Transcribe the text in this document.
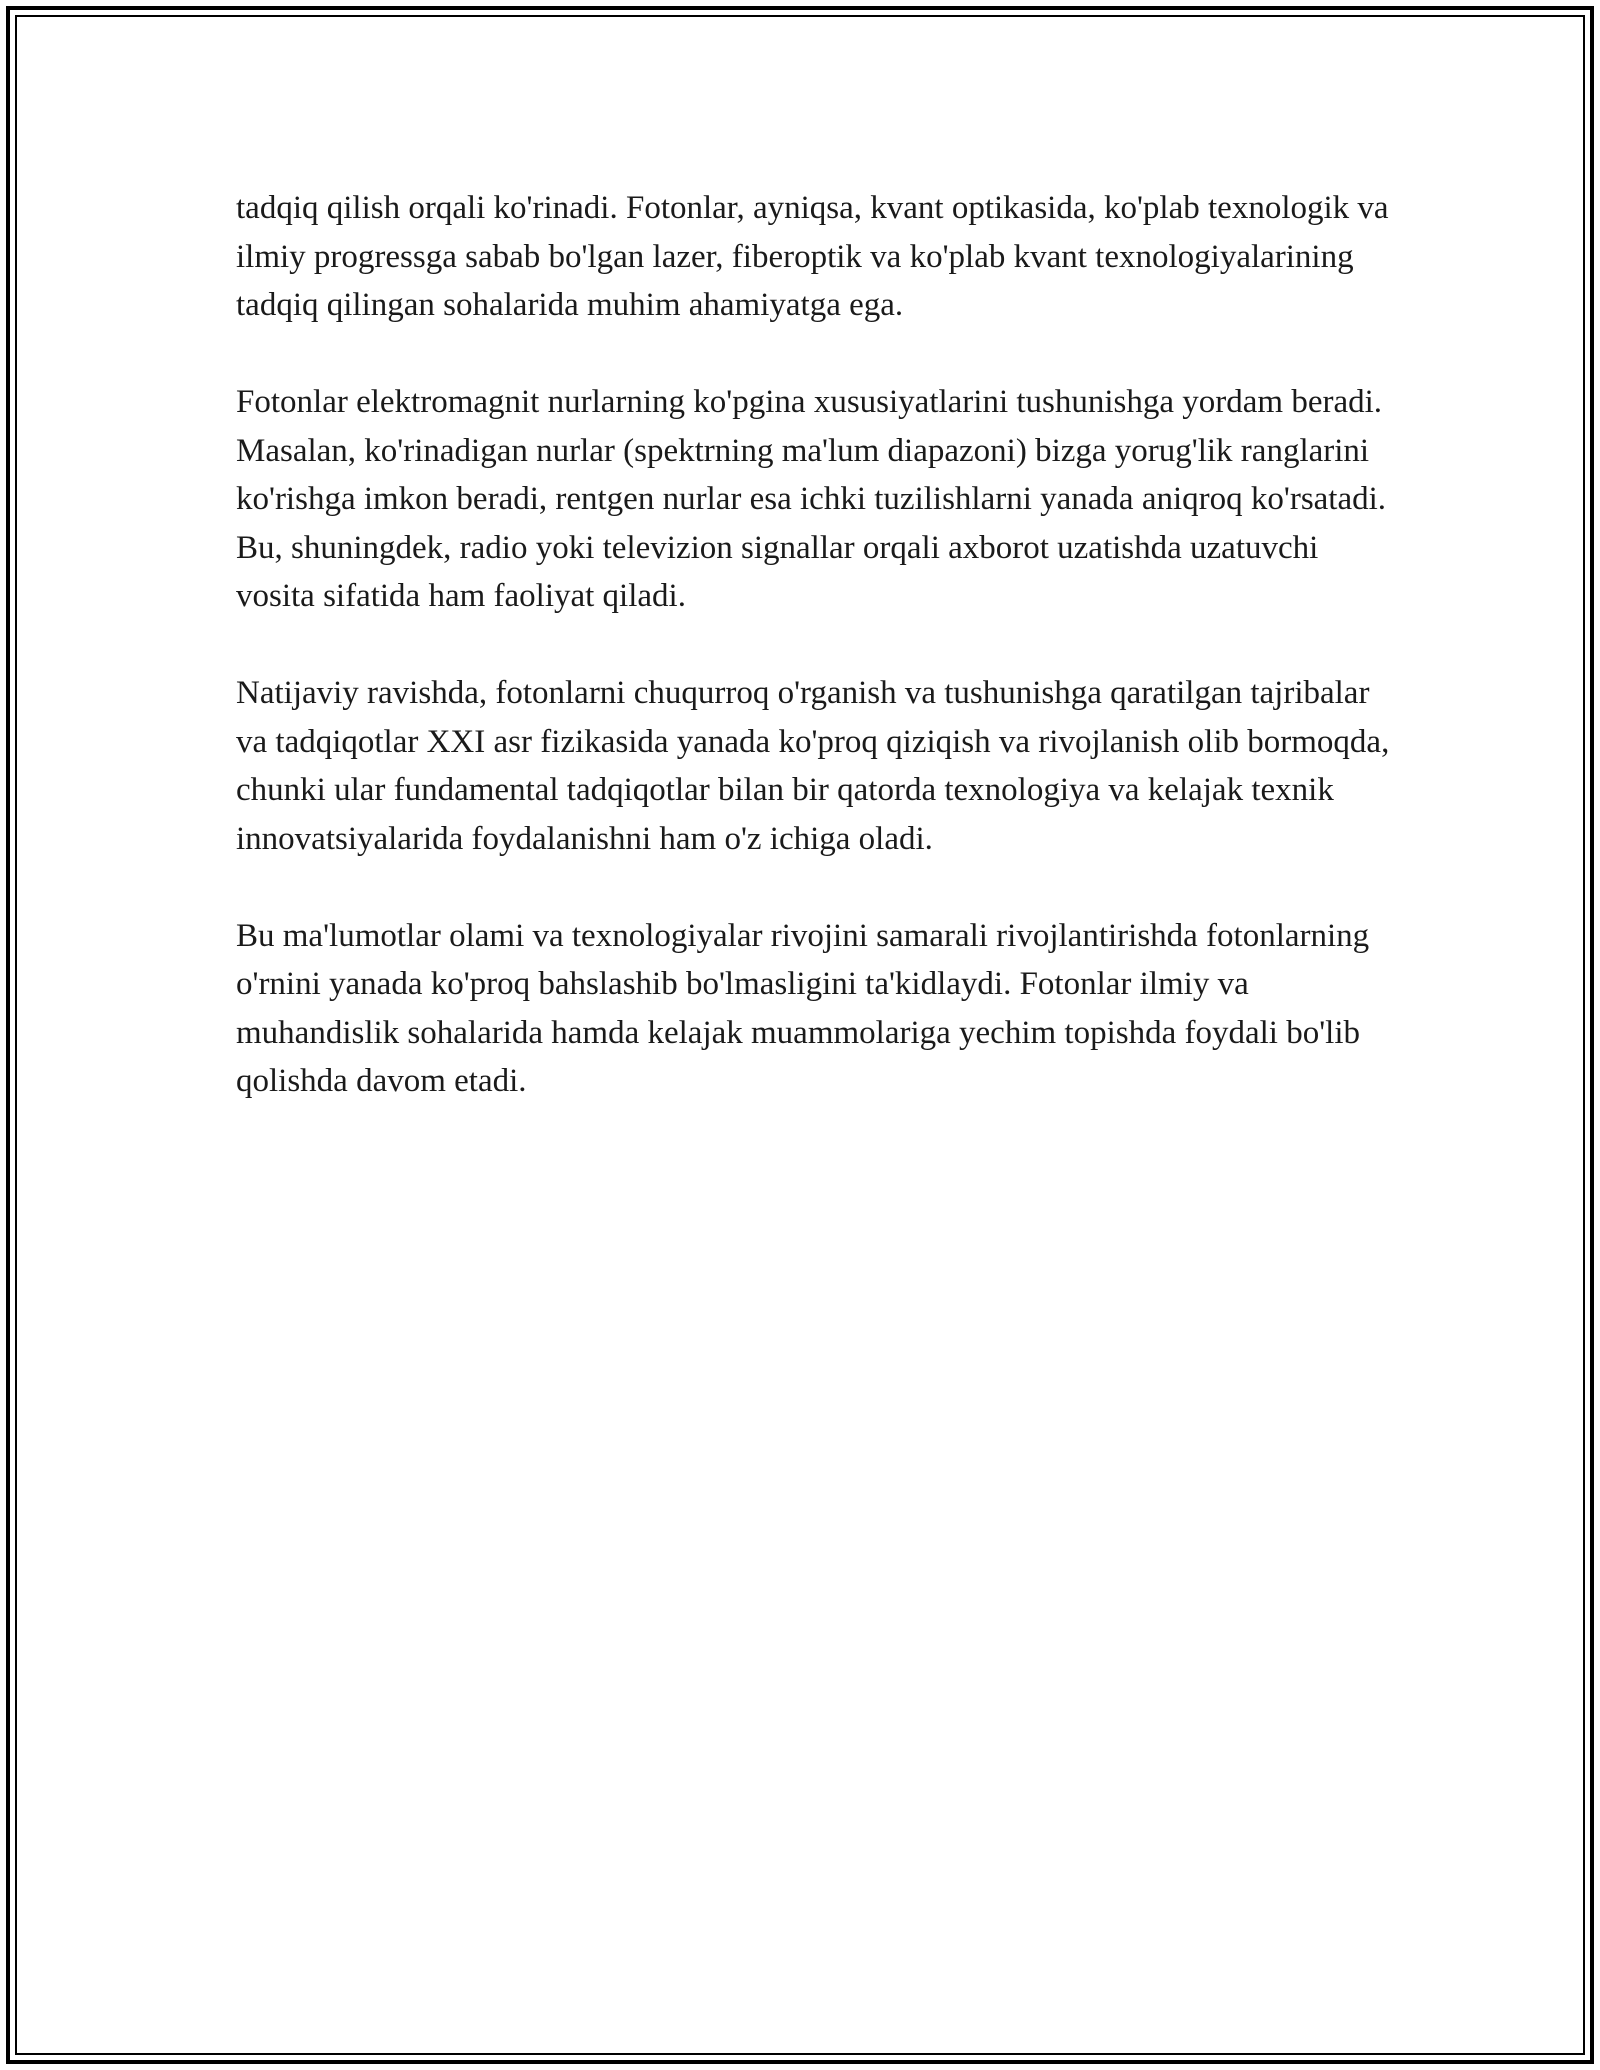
tadqiq qilish orqali ko'rinadi. Fotonlar, ayniqsa, kvant optikasida, ko'plab texnologik va ilmiy progressga sabab bo'lgan lazer, fiberoptik va ko'plab kvant texnologiyalarining tadqiq qilingan sohalarida muhim ahamiyatga ega.

Fotonlar elektromagnit nurlarning ko'pgina xususiyatlarini tushunishga yordam beradi. Masalan, ko'rinadigan nurlar (spektrning ma'lum diapazoni) bizga yorug'lik ranglarini ko'rishga imkon beradi, rentgen nurlar esa ichki tuzilishlarni yanada aniqroq ko'rsatadi. Bu, shuningdek, radio yoki televizion signallar orqali axborot uzatishda uzatuvchi vosita sifatida ham faoliyat qiladi.

Natijaviy ravishda, fotonlarni chuqurroq o'rganish va tushunishga qaratilgan tajribalar va tadqiqotlar XXI asr fizikasida yanada ko'proq qiziqish va rivojlanish olib bormoqda, chunki ular fundamental tadqiqotlar bilan bir qatorda texnologiya va kelajak texnik innovatsiyalarida foydalanishni ham o'z ichiga oladi.

Bu ma'lumotlar olami va texnologiyalar rivojini samarali rivojlantirishda fotonlarning o'rnini yanada ko'proq bahslashib bo'lmasligini ta'kidlaydi. Fotonlar ilmiy va muhandislik sohalarida hamda kelajak muammolariga yechim topishda foydali bo'lib qolishda davom etadi.
